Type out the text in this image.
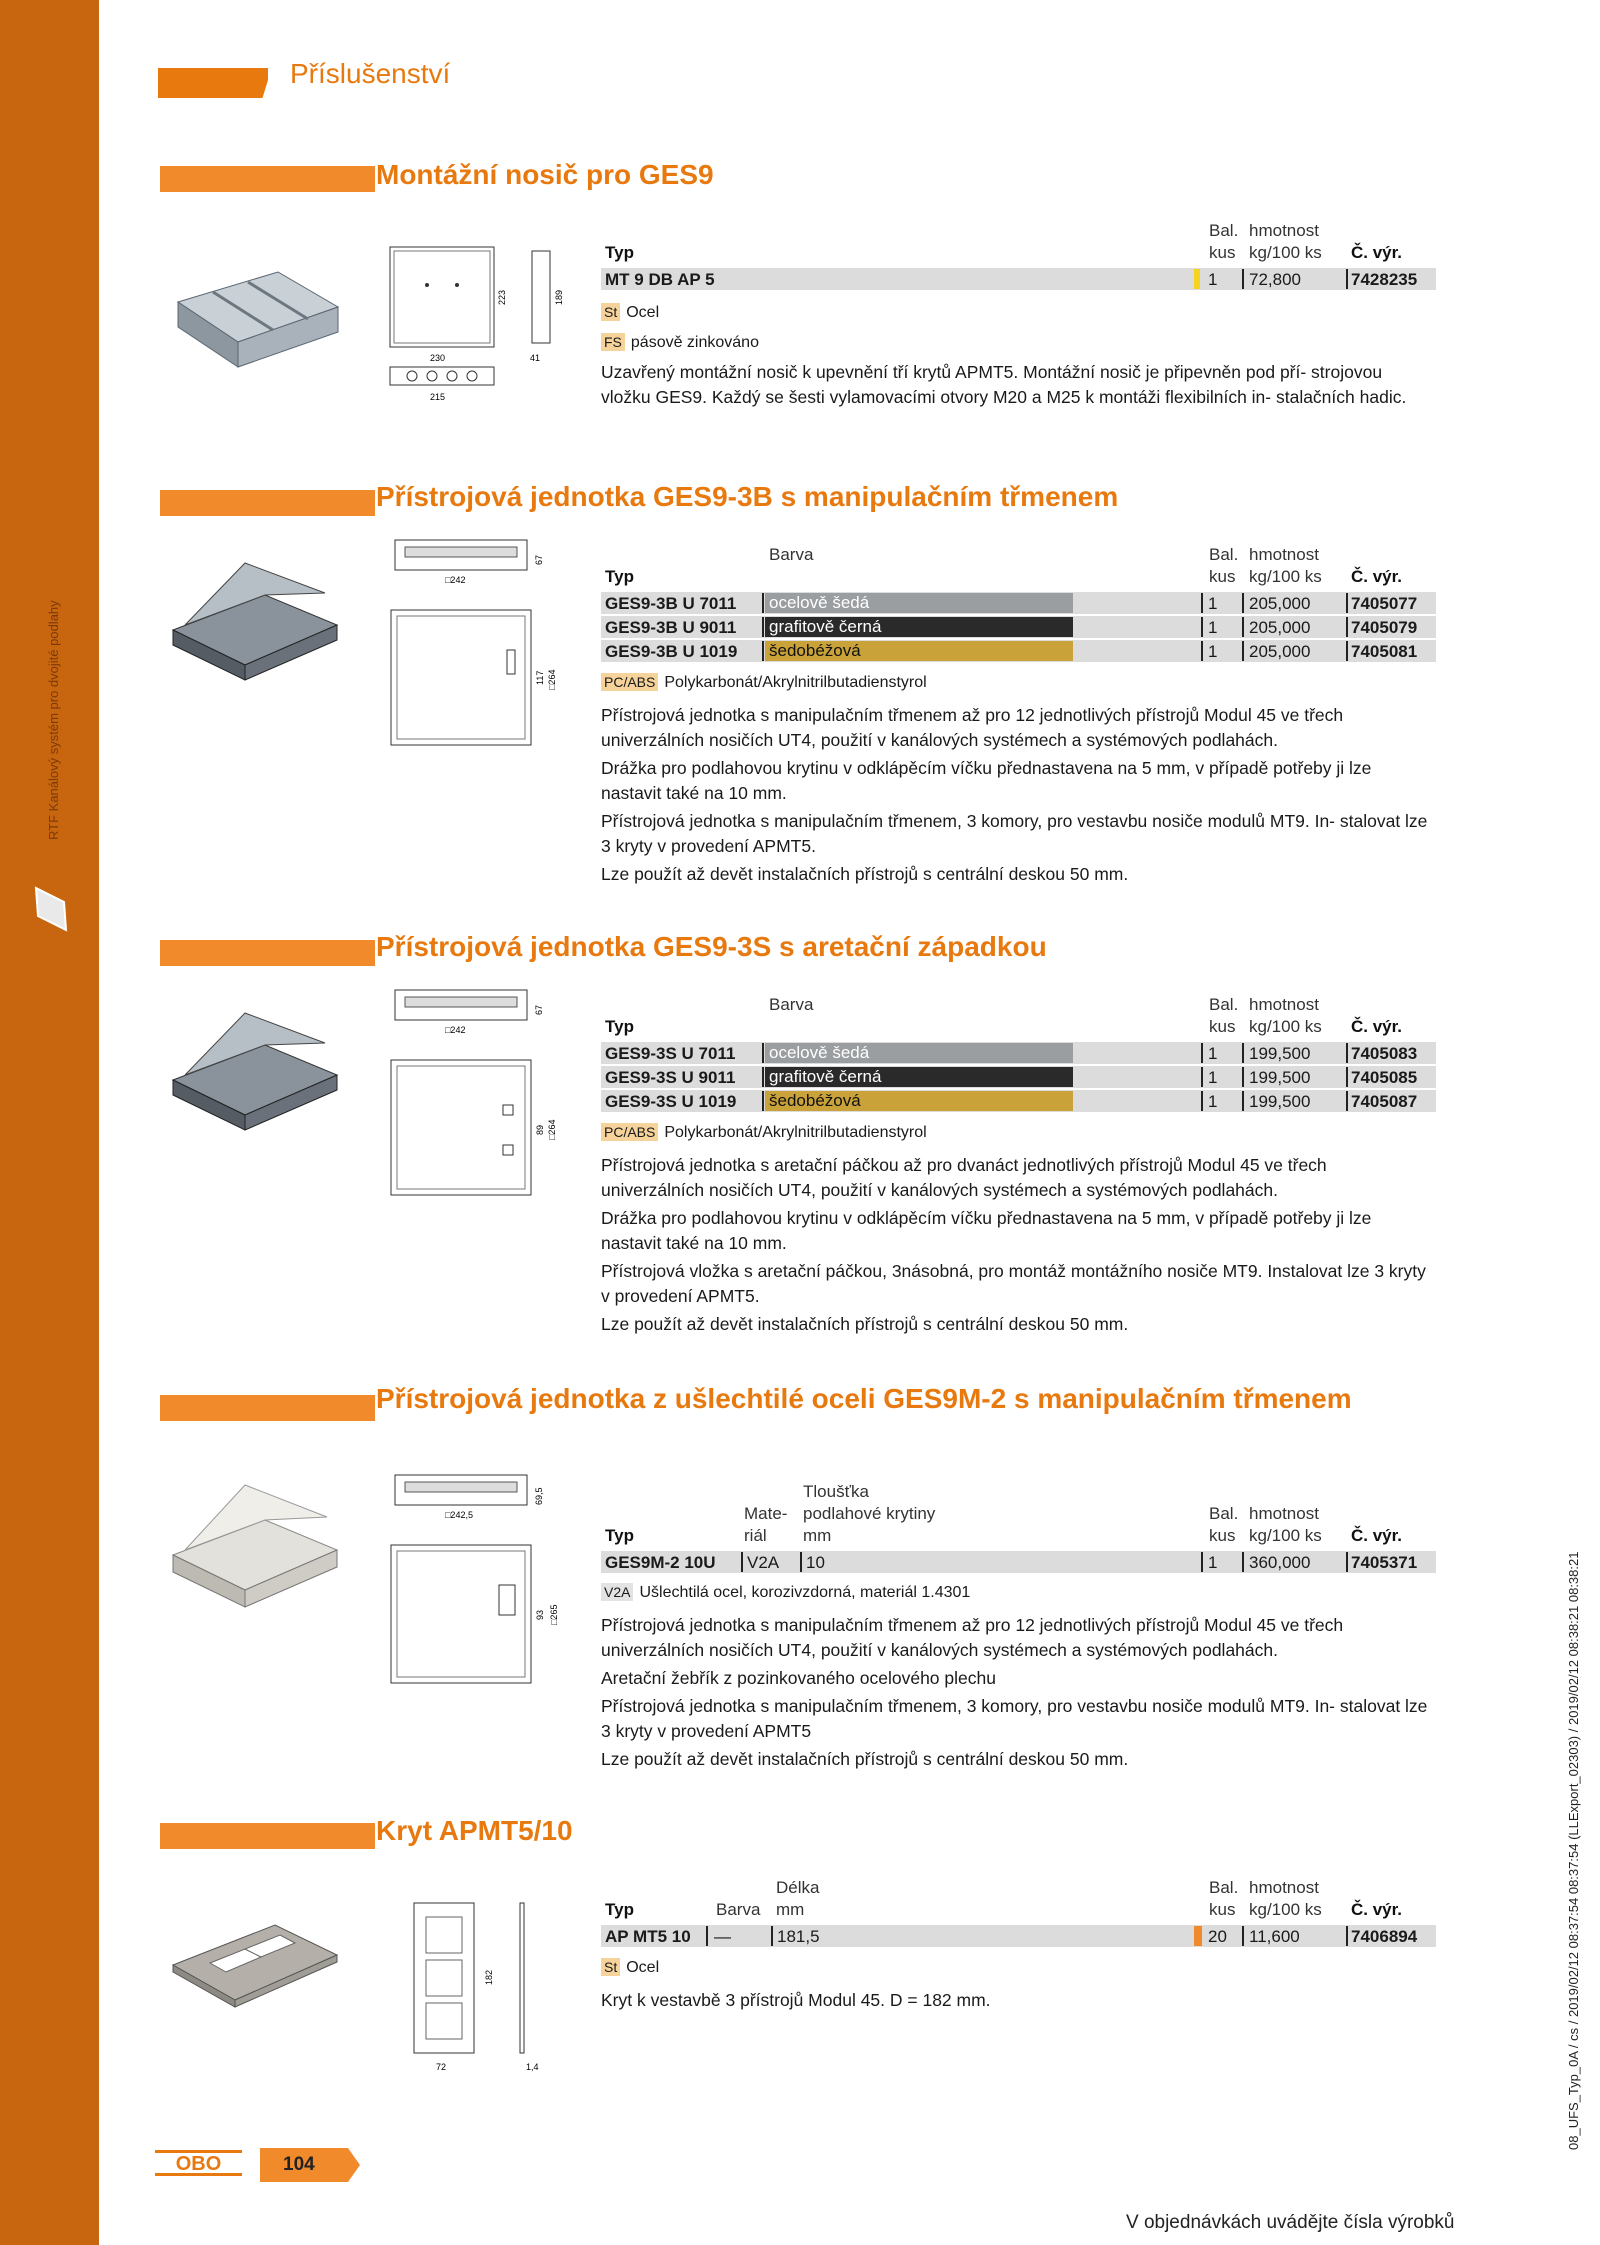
RTF Kanálový systém pro dvojité podlahy
Příslušenství
Montážní nosič pro GES9
223	189
230	41
215
Bal. hmotnost
Typ	kus kg/100 ks Č. výr.
MT 9 DB AP 5	1 72,800	7428235
St Ocel
FS pásově zinkováno

Uzavřený montážní nosič k upevnění tří krytů APMT5. Montážní nosič je připevněn pod pří- strojovou vložku GES9. Každý se šesti vylamovacími otvory M20 a M25 k montáži flexibilních in- stalačních hadic.

Přístrojová jednotka GES9-3B s manipulačním třmenem
□242
67
117 □264
Barva	Bal. hmotnost
Typ	kus kg/100 ks Č. výr.
GES9-3B U 7011 ocelově šedá	1 205,000 7405077
GES9-3B U 9011 grafitově černá	1 205,000 7405079
GES9-3B U 1019 šedobéžová	1 205,000 7405081
PC/ABS Polykarbonát/Akrylnitrilbutadienstyrol

Přístrojová jednotka s manipulačním třmenem až pro 12 jednotlivých přístrojů Modul 45 ve třech univerzálních nosičích UT4, použití v kanálových systémech a systémových podlahách.

Drážka pro podlahovou krytinu v odklápěcím víčku přednastavena na 5 mm, v případě potřeby ji lze nastavit také na 10 mm.

Přístrojová jednotka s manipulačním třmenem, 3 komory, pro vestavbu nosiče modulů MT9. In- stalovat lze 3 kryty v provedení APMT5.

Lze použít až devět instalačních přístrojů s centrální deskou 50 mm.

Přístrojová jednotka GES9-3S s aretační západkou
□242
67
89 □264
Barva	Bal. hmotnost
Typ	kus kg/100 ks Č. výr.
GES9-3S U 7011 ocelově šedá	1 199,500 7405083
GES9-3S U 9011 grafitově černá	1 199,500 7405085
GES9-3S U 1019 šedobéžová	1 199,500 7405087
PC/ABS Polykarbonát/Akrylnitrilbutadienstyrol

Přístrojová jednotka s aretační páčkou až pro dvanáct jednotlivých přístrojů Modul 45 ve třech univerzálních nosičích UT4, použití v kanálových systémech a systémových podlahách.

Drážka pro podlahovou krytinu v odklápěcím víčku přednastavena na 5 mm, v případě potřeby ji lze nastavit také na 10 mm.

Přístrojová vložka s aretační páčkou, 3násobná, pro montáž montážního nosiče MT9. Instalovat lze 3 kryty v provedení APMT5.

Lze použít až devět instalačních přístrojů s centrální deskou 50 mm.

Přístrojová jednotka z ušlechtilé oceli GES9M-2 s manipulačním třmenem
□242,5
69,5
93 □265
Tloušťka
Mate- podlahové krytiny	Bal. hmotnost
Typ	riál mm	kus kg/100 ks Č. výr.
GES9M-2 10U V2A 10	1 360,000 7405371
V2A Ušlechtilá ocel, korozivzdorná, materiál 1.4301

Přístrojová jednotka s manipulačním třmenem až pro 12 jednotlivých přístrojů Modul 45 ve třech univerzálních nosičích UT4, použití v kanálových systémech a systémových podlahách.

Aretační žebřík z pozinkovaného ocelového plechu

Přístrojová jednotka s manipulačním třmenem, 3 komory, pro vestavbu nosiče modulů MT9. In- stalovat lze 3 kryty v provedení APMT5

Lze použít až devět instalačních přístrojů s centrální deskou 50 mm.

Kryt APMT5/10
182
72	1,4
Délka	Bal. hmotnost
Typ	Barva mm	kus kg/100 ks Č. výr.
AP MT5 10 —	181,5	20 11,600	7406894
St Ocel

Kryt k vestavbě 3 přístrojů Modul 45. D = 182 mm.

OBO	104
V objednávkách uvádějte čísla výrobků
08_UFS_Typ_0A / cs / 2019/02/12 08:37:54 08:37:54 (LLExport_02303) / 2019/02/12 08:38:21 08:38:21
